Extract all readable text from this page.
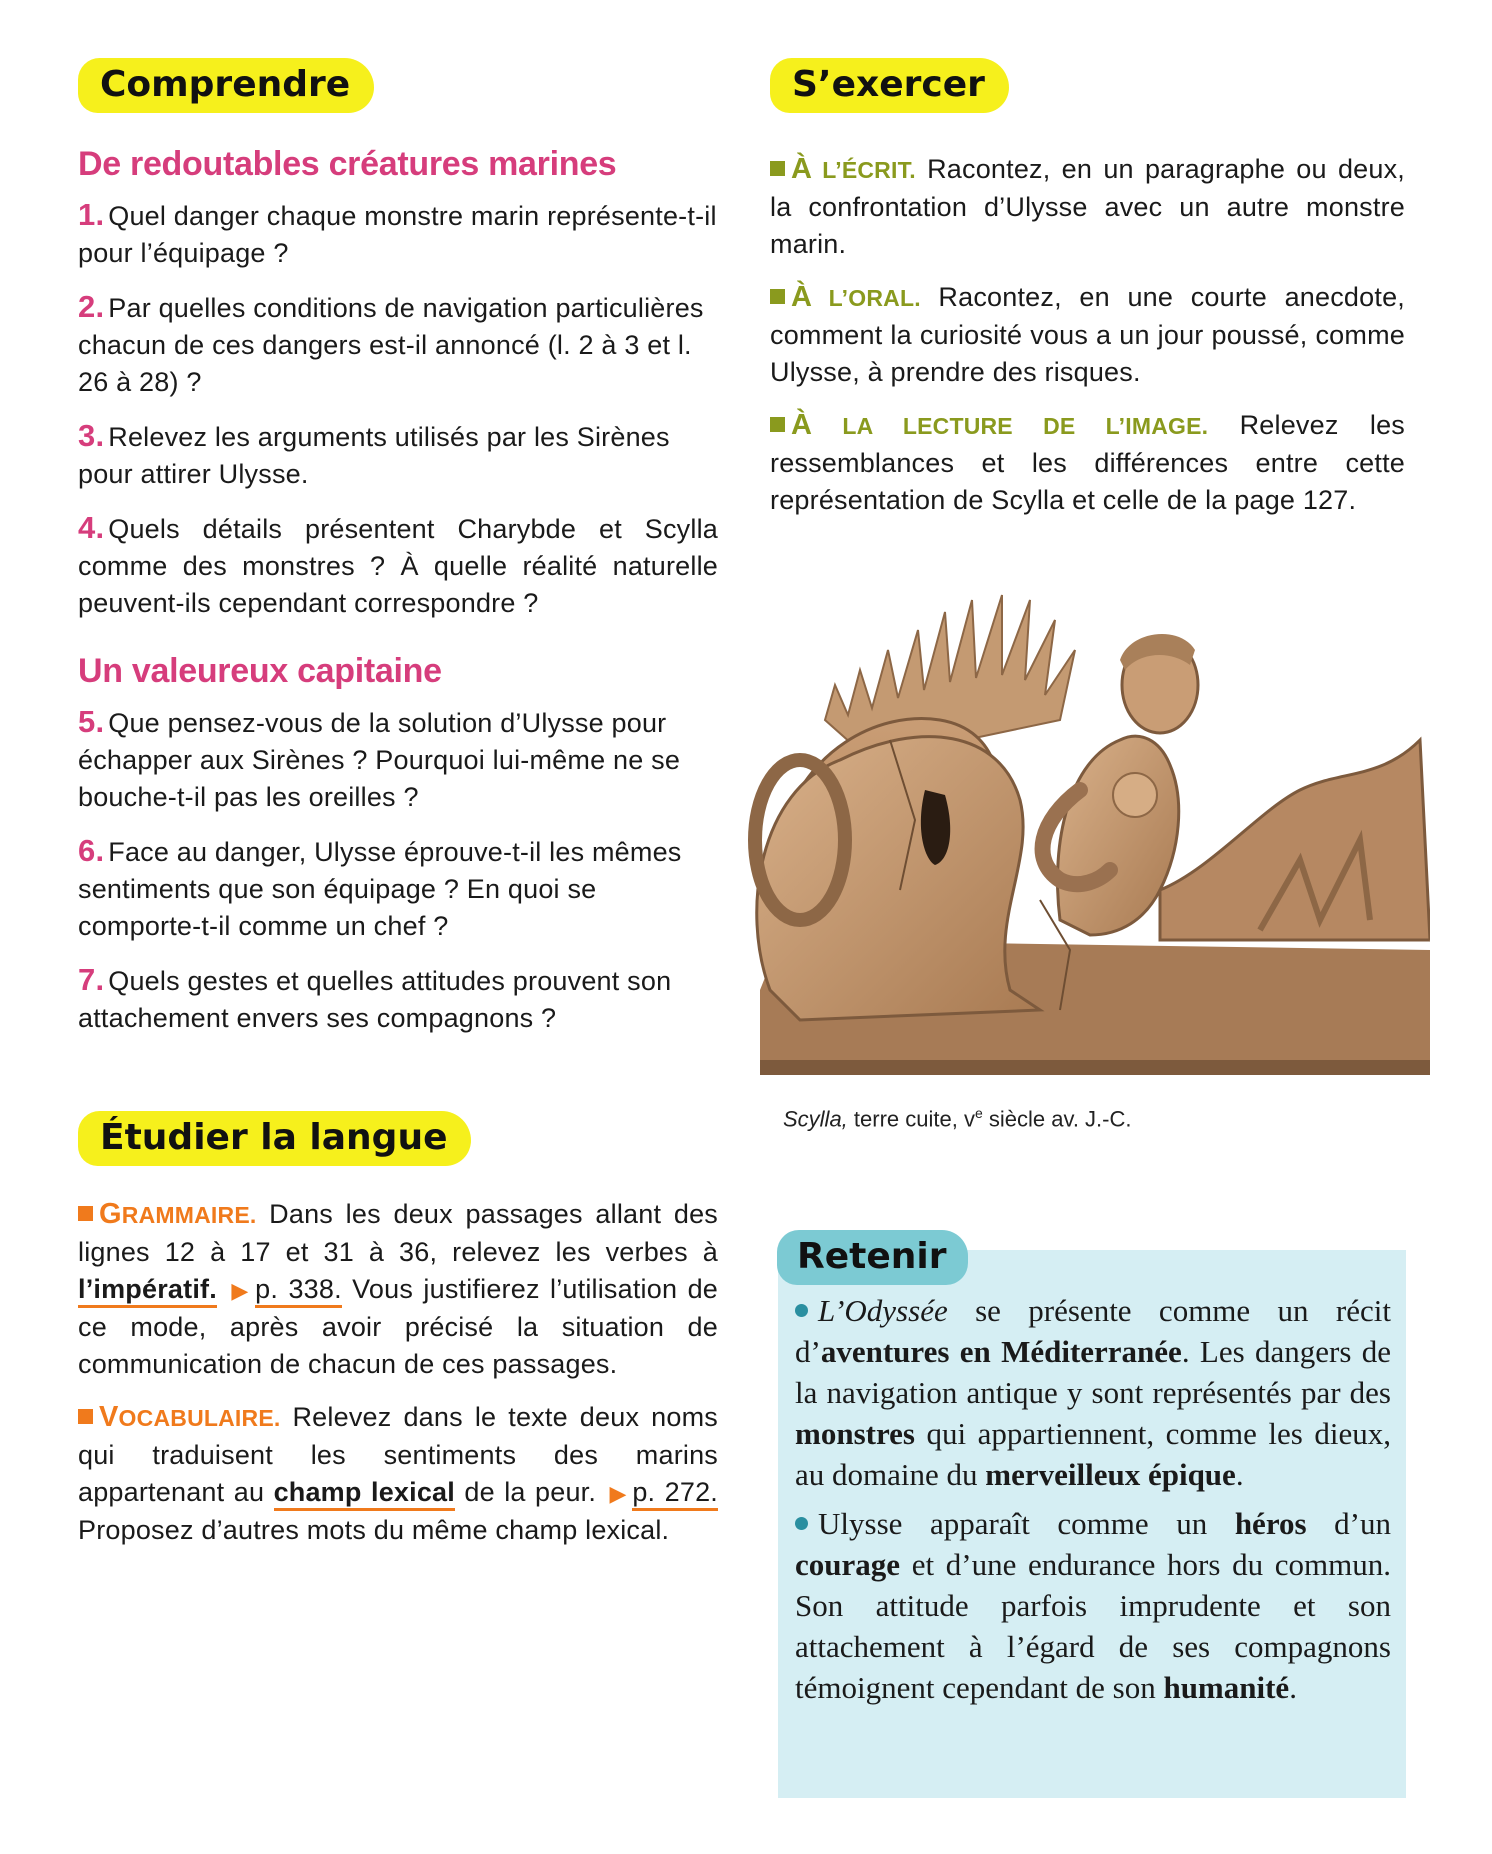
Comprendre
De redoutables créatures marines

1. Quel danger chaque monstre marin représente-t-il pour l’équipage ?

2. Par quelles conditions de navigation particulières chacun de ces dangers est-il annoncé (l. 2 à 3 et l. 26 à 28) ?

3. Relevez les arguments utilisés par les Sirènes pour attirer Ulysse.

4. Quels détails présentent Charybde et Scylla comme des monstres ? À quelle réalité naturelle peuvent-ils cependant correspondre ?

Un valeureux capitaine

5. Que pensez-vous de la solution d’Ulysse pour échapper aux Sirènes ? Pourquoi lui-même ne se bouche-t-il pas les oreilles ?

6. Face au danger, Ulysse éprouve-t-il les mêmes sentiments que son équipage ? En quoi se comporte-t-il comme un chef ?

7. Quels gestes et quelles attitudes prouvent son attachement envers ses compagnons ?

Étudier la langue

GRAMMAIRE. Dans les deux passages allant des lignes 12 à 17 et 31 à 36, relevez les verbes à l’impératif. ▶ p. 338. Vous justifierez l’utilisation de ce mode, après avoir précisé la situation de communication de chacun de ces passages.

VOCABULAIRE. Relevez dans le texte deux noms qui traduisent les sentiments des marins appartenant au champ lexical de la peur. ▶ p. 272. Proposez d’autres mots du même champ lexical.

S’exercer

À L’ÉCRIT. Racontez, en un paragraphe ou deux, la confrontation d’Ulysse avec un autre monstre marin.

À L’ORAL. Racontez, en une courte anecdote, comment la curiosité vous a un jour poussé, comme Ulysse, à prendre des risques.

À LA LECTURE DE L’IMAGE. Relevez les ressemblances et les différences entre cette représentation de Scylla et celle de la page 127.

Scylla, terre cuite, $v^e$ siècle av. J.-C.
Retenir

L’Odyssée se présente comme un récit d’aventures en Méditerranée. Les dangers de la navigation antique y sont représentés par des monstres qui appartiennent, comme les dieux, au domaine du merveilleux épique.

Ulysse apparaît comme un héros d’un courage et d’une endurance hors du commun. Son attitude parfois imprudente et son attachement à l’égard de ses compagnons témoignent cependant de son humanité.
